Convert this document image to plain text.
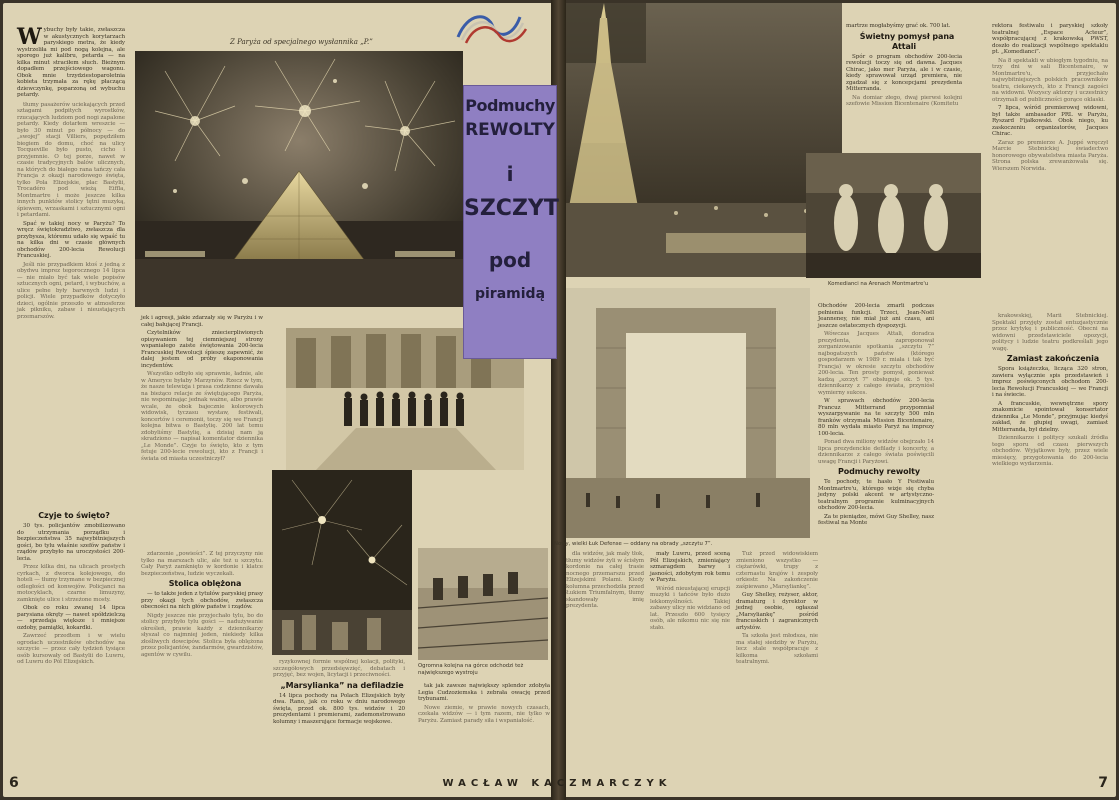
W ybuchy były takie, zwłaszcza w akustycznych korytarzach paryskiego metra, że kiedy wystrzeliła mi pod nogą kolejna, ale sporego już kalibru, petarda — na kilka minut straciłem słuch. Bieżnym dopadłem przejściowego wagonu. Obok mnie trzydziestoparoletnia kobieta trzymała za rękę płaczącą dziewczynkę, poparzoną od wybuchu petardy.

tłumy pasażerów uciekających przed sztagami podpitych wyrostków, rzucających ludziom pod nogi zapalone petardy. Kiedy dotarłem wreszcie — było 30 minut po północy — do „swojej” stacji Villiers, popędziłem biegiem do domu, choć na ulicy Tocqueville było pusto, cicho i przyjemnie. O tej porze, nawet w czasie tradycyjnych balów ulicznych, na których do białego rana tańczy cała Francja z okazji narodowego święta, tylko Pola Elizejskie, plac Bastylii, Trocadéro pod wieżą Eiffla, Montmartre i może jeszcze kilka innych punktów stolicy tętni muzyką, śpiewem, wrzaskami i sztucznymi ogni i petardami.

Spać w takiej nocy w Paryżu? To wręcz świętokradztwo, zwłaszcza dla przybysza, któremu udało się wpaść tu na kilka dni w czasie głównych obchodów 200-lecia Rewolucji Francuskiej.

Jeśli nie przypadkiem ktoś z jedną z obydwu imprez tegorocznego 14 lipca — nie miało być tak wiele popisów sztucznych ogni, petard, i wybuchów, a ulice pełne były barwnych ludzi i policji. Wiele przypadków dotyczyło dzieci, ogólnie przeszło w atmosferze jak pikniku, zabaw i nieustających przemarszów.

Czyje to święto?

30 tys. policjantów zmobilizowano do utrzymania porządku i bezpieczeństwa 35 najwybitniejszych gości, bo tylu właśnie szefów państw i rządów przybyło na uroczystości 200-lecia.

Przez kilka dni, na ulicach prostych cyrkach, z dworca kolejowego, do hoteli — tłumy trzymane w bezpiecznej odległości od konwojów. Policjanci na motocyklach, czarne limuzyny, zamknięte ulice i strzeżone mosty.

Obok co roku zwanej 14 lipca parysiana okręty — nawet spółdzielczą — sprzedaja większe i mniejsze ozdoby, pamiątki, kokardki.

Zawrzeć przedtem i w wielu ogrodach uczestników obchodów na szczycie — przez cały tydzień tysiące osób kursowały od Bastylii do Luwru, od Luwru do Pól Elizejskich.

jek i agresji, jakie zdarzały się w Paryżu i w całej bałującej Francji.

Czytelników zniecierpliwionych opisywaniem tej ciemniejszej strony wspaniałego zaiste świętowania 200-lecia Francuskiej Rewolucji śpieszę zapewnić, że dalej jestem od próby ekaponowania incydentów.

Wszystko odbyło się sprawnie, ładnie, ale w Ameryce byłaby Marzynów. Rzecz w tym, że nasze telewizja i prasa codzienne dawała na bieżąco relacje ze świętującego Paryża, nie wspominając jednak ważne, albo prawie wcale, że obok bajecznie kolorowych widowisk, tyczasu wystaw, festiwali, koncertów i ceremonii, toczy się we Francji kolejna bitwa o Bastylię. 200 lat temu zdobyliśmy Bastylię, a dzisiaj nam ją skradziono — napisał komentator dziennika „Le Monde”. Czyje to święto, kto z tym fetuje 200-lecie rewolucji, kto z Francji i świata od miasta uczestniczył?

zdarzenie „powieści”. Z tej przyczyny nie tylko na marszach ulic, ale też u szczytu. Cały Paryż zamknięto w kordonie i klatce bezpieczeństwa, ludzie wyczekali.

Stolica oblężona

— to także jeden z tytułów paryskiej prasy przy okazji tych obchodów, zwłaszcza obecności na nich głów państw i rządów.

Nigdy jeszcze nie przyjechało tylu, bo do stolicy przybyło tylu gości — nadużywanie określeń, prawie każdy z dziennikarzy słyszał co najmniej jeden, niekiedy kilka złośliwych dowcipów. Stolica była oblężona przez policjantów, żandarmów, gwardzistów, agentów w cywilu.

ryzykownej formie wspólnej kolacji, polityki, szczegółowych przedsięwzięć, debatach i przyjęć, bez wojen, licytacji i przeciwności.

„Marsylianka” na defiladzie

14 lipca pochody na Polach Elizejskich były dwa. Rano, jak co roku w dniu narodowego święta, przed ok. 800 tys. widzów i 20 prezydentami i premierami, zademonstrowano kolumny i maszerujące formacje wojskowe.

Ogromna kolejna na górce odchodzi też największego wystroju

tak jak zawsze największy splendor zdobyła Legia Cudzoziemska i zebrała owację przed trybunami.

Nowe ziemie, w prawie nowych czasach, czekała widzów — i tym razem, nie tylko w Paryżu. Zamiast parady siła i wspaniałość.

Z Paryża od specjalnego wysłannika „P.”
6

martrze mogłabyśmy grać ok. 700 lat.

Świetny pomysł pana Attali

Spór o program obchodów 200-lecia rewolucji toczy się od dawna. Jacques Chirac, jako mer Paryża, ale i w czasie, kiedy sprawował urząd premiera, nie zgadzał się z koncepcjami prezydenta Mitterranda.

Na domiar złego, dwaj pierwsi kolejni szefowie Mission Bicentenaire (Komitetu

rektora festiwalu i paryskiej szkoły teatralnej „Espace Acteur”, współpracującej z krakowską PWST, doszło do realizacji wspólnego spektaklu pt. „Komedianci”.

Na 8 spektakli w ubiegłym tygodniu, na trzy dni w sali Bicentenaire, w Montmartre'u, przyjechało najwybitniejszych polskich pracowników teatru, ciekawych, kto z Francji zagości na widowni. Wszyscy aktorzy i uczestnicy otrzymali od publiczności gorące oklaski.

7 lipca, wśród premierowej widowni, był także ambasador PRL w Paryżu, Ryszard Fijałkowski. Obok niego, ku zaskoczeniu organizatorów, Jacques Chirac.

Zaraz po premierze A. Juppé wręczył Marcie Stebnickiej świadectwo honorowego obywatelstwa miasta Paryża. Strona polska zrewanżowała się. Wierszem Norwida.

Komedianci na Arenach Montmartre'u
Nowy, wielki Łuk Defense — oddany na obrady „szczytu 7”.

dla widzów, jak mały tłok, tłumy widzów żyli w ścisłym kordonie na całej trasie nocnego przemarszu przed Elizejskimi Polami. Kiedy kolumna przechodziła przed Łukiem Triumfalnym, tłumy skandowały imię prezydenta.

mały Luwru, przed sceną Pól Elizejskich, zmieniający szmaragdem barwy i jasności, zdobytym rok temu w Paryżu.

Wśród nieustającej erupcji muzyki i tańców było dużo lekkomyślności. Takiej zabawy ulicy nie widziano od lat. Przeszło 600 tysięcy osób, ale nikomu nic się nie stało.

Tuż przed widowiskiem zmieniono wszystko — ciężarówki, trupy z czternastu krajów i zespoły orkiestr. Na zakończenie zaśpiewano „Marsyliankę”.

Guy Shelley, reżyser, aktor, dramaturg i dyrektor w jednej osobie, ogłaszał „Marsyliankę” pośród francuskich i zagranicznych artystów.

Ta szkoła jest młodsza, nie ma stałej siedziby w Paryżu, lecz stale współpracuje z kilkoma szkołami teatralnymi.

Obchodów 200-lecia zmarli podczas pełnienia funkcji. Trzeci, Jean-Noël Jeanneney, nie miał już ani czasu, ani jeszcze ostatecznych dyspozycji.

Wówczas Jacques Attali, doradca prezydenta, zaproponował zorganizowanie spotkania „szczytu 7” najbogatszych państw (którego gospodarzem w 1989 r. miała i tak być Francja) w okresie szczytu obchodów 200-lecia. Ten prosty pomysł, ponieważ kadzą „szczyt 7” obsługuje ok. 5 tys. dziennikarzy z całego świata, przyniósł wymierny sukces.

W sprawach obchodów 200-lecia Francuz Mitterrand przypomniał wyszarpywanie na te szczyty 500 mln franków otrzymała Mission Bicentenaire, 80 mln wydała miasto Paryż na imprezy 100-lecia.

Ponad dwa miliony widzów obejrzało 14 lipca prezydenckie defilady i koncerty, a dziennikarze z całego świata poświęcili uwagę Francji i Paryżowi.

Podmuchy rewolty

Te pochody, te hasło Y Festiwalu Montmartre'u, którego wizje się chyba jedyny polski akcent w artystyczno-teatralnym programie kulminacyjnych obchodów 200-lecia.

Za te pieniądze, mówi Guy Shelley, nasz festiwal na Monte

krakowskiej, Marii Stebnickiej. Spektakl przyjęty został entuzjastycznie przez krytykę i publiczność. Obecni na widowni przedstawiciele opozycji, politycy i ludzie teatru podkreślali jego wagę.

Zamiast zakończenia

Spora książeczka, licząca 320 stron, zawiera wyłącznie spis przedstawień i imprez poświęconych obchodom 200-lecia Rewolucji Francuskiej — we Francji i na świecie.

A francuskie, wewnętrzne spory znakomicie spointował konsertator dziennika „Le Monde”, przyjmując kiedyś zakład, że głupiej uwagi, zamiast Mitterranda, był dzielny.

Dziennikarze i politycy szukali źródła tego sporu od czasu pierwszych obchodów. Wyjątkowe były, przez wiele miesięcy, przygotowania do 200-lecia wielkiego wydarzenia.

7
Podmuchy
REWOLTY
i
SZCZYT
pod
piramidą
WACŁAW KACZMARCZYK
